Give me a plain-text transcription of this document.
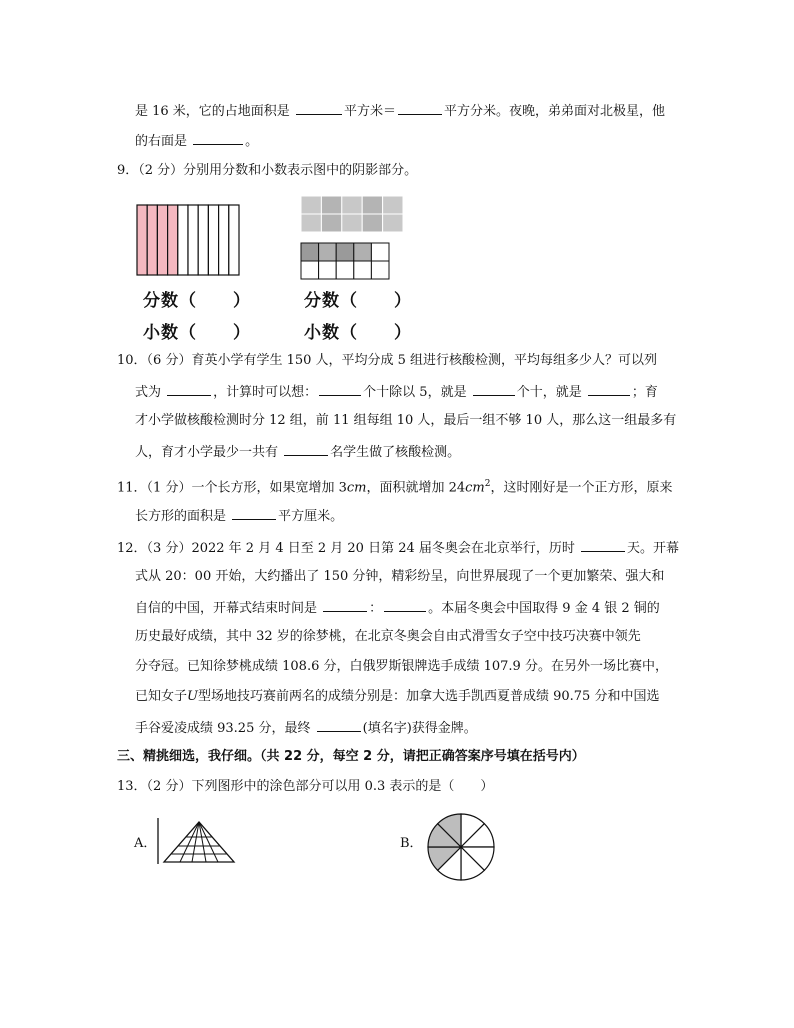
是 16 米，它的占地面积是	平方米＝	平方分米。夜晚，弟弟面对北极星，他
的右面是	。
9．（2 分）分别用分数和小数表示图中的阴影部分。
分数（　　）
小数（　　）
分数（　　）
小数（　　）
10．（6 分）育英小学有学生 150 人，平均分成 5 组进行核酸检测，平均每组多少人？可以列
式为	，计算时可以想：	个十除以 5，就是	个十，就是	；育
才小学做核酸检测时分 12 组，前 11 组每组 10 人，最后一组不够 10 人，那么这一组最多有
人，育才小学最少一共有	名学生做了核酸检测。
11．（1 分）一个长方形，如果宽增加 3cm，面积就增加 $24cm^2$，这时刚好是一个正方形，原来
长方形的面积是	平方厘米。
12．（3 分）2022 年 2 月 4 日至 2 月 20 日第 24 届冬奥会在北京举行，历时	天。开幕
式从 20：00 开始，大约播出了 150 分钟，精彩纷呈，向世界展现了一个更加繁荣、强大和
自信的中国，开幕式结束时间是	：	。本届冬奥会中国取得 9 金 4 银 2 铜的
历史最好成绩，其中 32 岁的徐梦桃，在北京冬奥会自由式滑雪女子空中技巧决赛中领先
分夺冠。已知徐梦桃成绩 108.6 分，白俄罗斯银牌选手成绩 107.9 分。在另外一场比赛中，
已知女子U型场地技巧赛前两名的成绩分别是：加拿大选手凯西夏普成绩 90.75 分和中国选
手谷爱凌成绩 93.25 分，最终	(填名字)获得金牌。
三、精挑细选，我仔细。（共 22 分，每空 2 分，请把正确答案序号填在括号内）
13．（2 分）下列图形中的涂色部分可以用 0.3 表示的是（　　）
A．	B．
